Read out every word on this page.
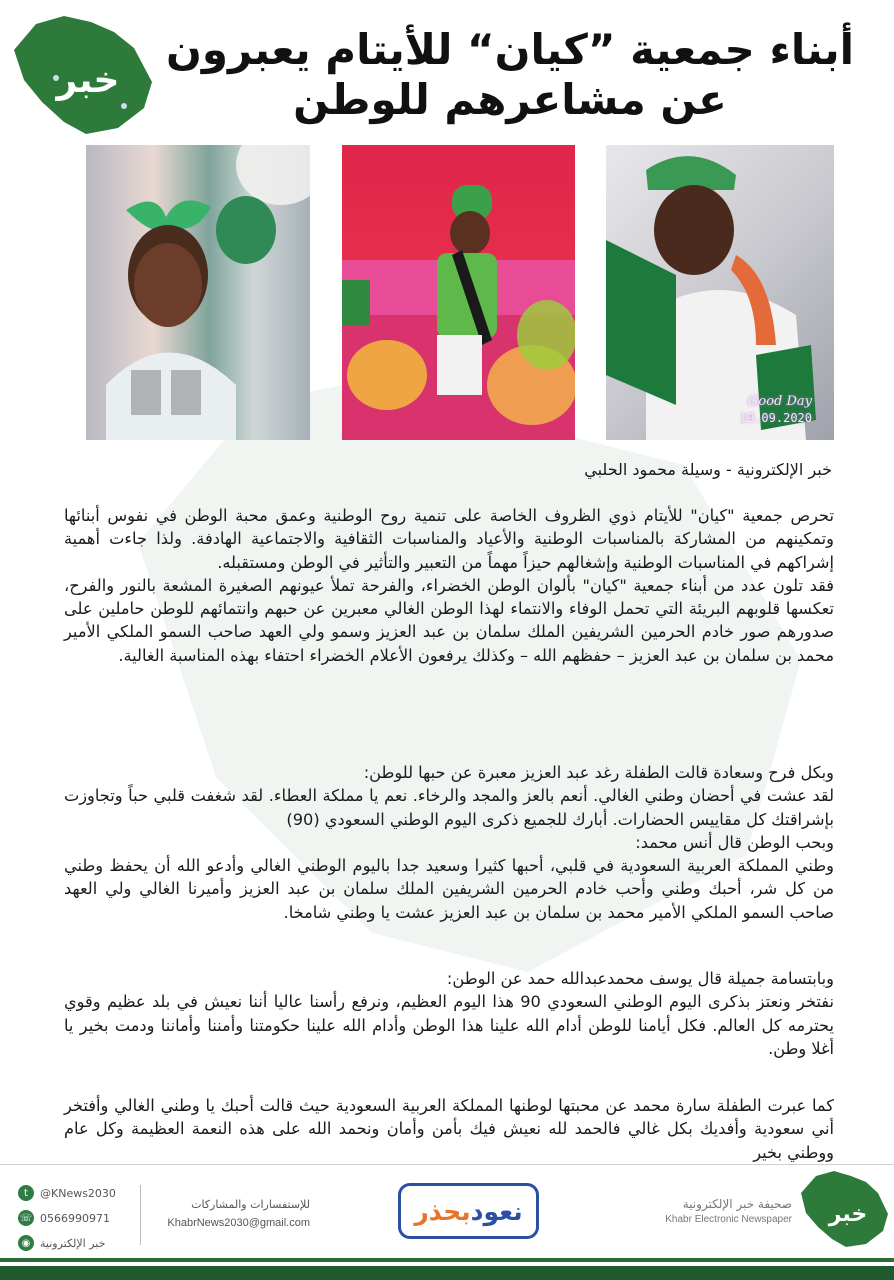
خبر
أبناء جمعية ”كيان“ للأيتام يعبرون
عن مشاعرهم للوطن
Good Day
19.09.2020
خبر الإلكترونية - وسيلة محمود الحلبي

تحرص جمعية "كيان" للأيتام ذوي الظروف الخاصة على تنمية روح الوطنية وعمق محبة الوطن في نفوس أبنائها وتمكينهم من المشاركة بالمناسبات الوطنية والأعياد والمناسبات الثقافية والاجتماعية الهادفة. ولذا جاءت أهمية إشراكهم في المناسبات الوطنية وإشغالهم حيزاً مهماً من التعبير والتأثير في الوطن ومستقبله.

فقد تلون عدد من أبناء جمعية "كيان" بألوان الوطن الخضراء، والفرحة تملأ عيونهم الصغيرة المشعة بالنور والفرح، تعكسها قلوبهم البريئة التي تحمل الوفاء والانتماء لهذا الوطن الغالي معبرين عن حبهم وانتمائهم للوطن حاملين على صدورهم صور خادم الحرمين الشريفين الملك سلمان بن عبد العزيز وسمو ولي العهد صاحب السمو الملكي الأمير محمد بن سلمان بن عبد العزيز – حفظهم الله – وكذلك يرفعون الأعلام الخضراء احتفاء بهذه المناسبة الغالية.

وبكل فرح وسعادة قالت الطفلة رغد عبد العزيز معبرة عن حبها للوطن:

لقد عشت في أحضان وطني الغالي. أنعم بالعز والمجد والرخاء. نعم يا مملكة العطاء. لقد شغفت قلبي حباً وتجاوزت بإشراقتك كل مقاييس الحضارات. أبارك للجميع ذكرى اليوم الوطني السعودي (90)

وبحب الوطن قال أنس محمد:

وطني المملكة العربية السعودية في قلبي، أحبها كثيرا وسعيد جدا باليوم الوطني الغالي وأدعو الله أن يحفظ وطني من كل شر، أحبك وطني وأحب خادم الحرمين الشريفين الملك سلمان بن عبد العزيز وأميرنا الغالي ولي العهد صاحب السمو الملكي الأمير محمد بن سلمان بن عبد العزيز عشت يا وطني شامخا.

وبابتسامة جميلة قال يوسف محمدعبدالله حمد عن الوطن:

نفتخر ونعتز بذكرى اليوم الوطني السعودي 90 هذا اليوم العظيم، ونرفع رأسنا عاليا أننا نعيش في بلد عظيم وقوي يحترمه كل العالم. فكل أيامنا للوطن أدام الله علينا هذا الوطن وأدام الله علينا حكومتنا وأمننا وأماننا ودمت بخير يا أغلا وطن.

كما عبرت الطفلة سارة محمد عن محبتها لوطنها المملكة العربية السعودية حيث قالت أحبك يا وطني الغالي وأفتخر أني سعودية وأفديك بكل غالي فالحمد لله نعيش فيك بأمن وأمان ونحمد الله على هذه النعمة العظيمة وكل عام ووطني بخير

t	@KNews2030
☏ 0566990971
◉ خبر الإلكترونية
للإستفسارات والمشاركات
KhabrNews2030@gmail.com	نعود
بحذر	صحيفة خبر الإلكترونية
Khabr Electronic Newspaper خبر
